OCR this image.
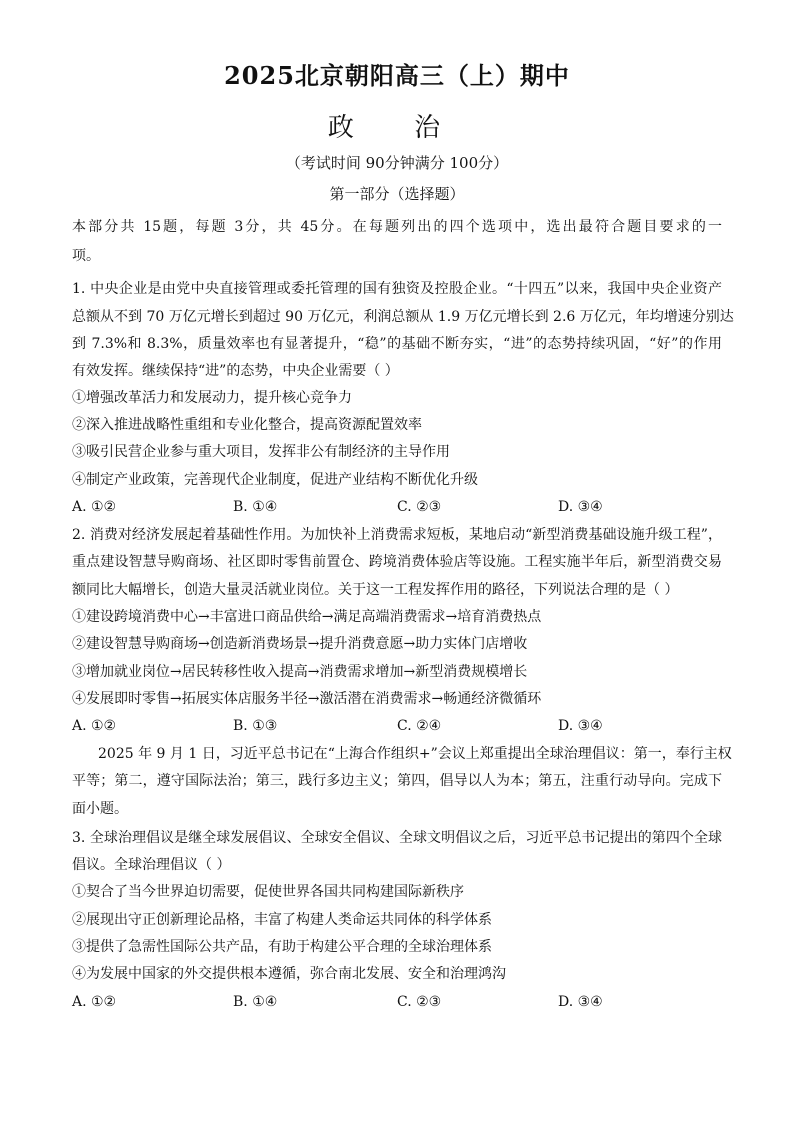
2025北京朝阳高三（上）期中
政 治
（考试时间 90分钟满分 100分）
第一部分（选择题）
本部分共 15题，每题 3分，共 45分。在每题列出的四个选项中，选出最符合题目要求的一
项。
1. 中央企业是由党中央直接管理或委托管理的国有独资及控股企业。“十四五”以来，我国中央企业资产
总额从不到 70 万亿元增长到超过 90 万亿元，利润总额从 1.9 万亿元增长到 2.6 万亿元，年均增速分别达
到 7.3%和 8.3%，质量效率也有显著提升，“稳”的基础不断夯实，“进”的态势持续巩固，“好”的作用
有效发挥。继续保持“进”的态势，中央企业需要（ ）
①增强改革活力和发展动力，提升核心竞争力
②深入推进战略性重组和专业化整合，提高资源配置效率
③吸引民营企业参与重大项目，发挥非公有制经济的主导作用
④制定产业政策，完善现代企业制度，促进产业结构不断优化升级
A. ①②	B. ①④	C. ②③	D. ③④
2. 消费对经济发展起着基础性作用。为加快补上消费需求短板，某地启动“新型消费基础设施升级工程”，
重点建设智慧导购商场、社区即时零售前置仓、跨境消费体验店等设施。工程实施半年后，新型消费交易
额同比大幅增长，创造大量灵活就业岗位。关于这一工程发挥作用的路径，下列说法合理的是（ ）
①建设跨境消费中心→丰富进口商品供给→满足高端消费需求→培育消费热点
②建设智慧导购商场→创造新消费场景→提升消费意愿→助力实体门店增收
③增加就业岗位→居民转移性收入提高→消费需求增加→新型消费规模增长
④发展即时零售→拓展实体店服务半径→激活潜在消费需求→畅通经济微循环
A. ①②	B. ①③	C. ②④	D. ③④
2025 年 9 月 1 日，习近平总书记在“上海合作组织+”会议上郑重提出全球治理倡议：第一，奉行主权
平等；第二，遵守国际法治；第三，践行多边主义；第四，倡导以人为本；第五，注重行动导向。完成下
面小题。
3. 全球治理倡议是继全球发展倡议、全球安全倡议、全球文明倡议之后，习近平总书记提出的第四个全球
倡议。全球治理倡议（ ）
①契合了当今世界迫切需要，促使世界各国共同构建国际新秩序
②展现出守正创新理论品格，丰富了构建人类命运共同体的科学体系
③提供了急需性国际公共产品，有助于构建公平合理的全球治理体系
④为发展中国家的外交提供根本遵循，弥合南北发展、安全和治理鸿沟
A. ①②	B. ①④	C. ②③	D. ③④
